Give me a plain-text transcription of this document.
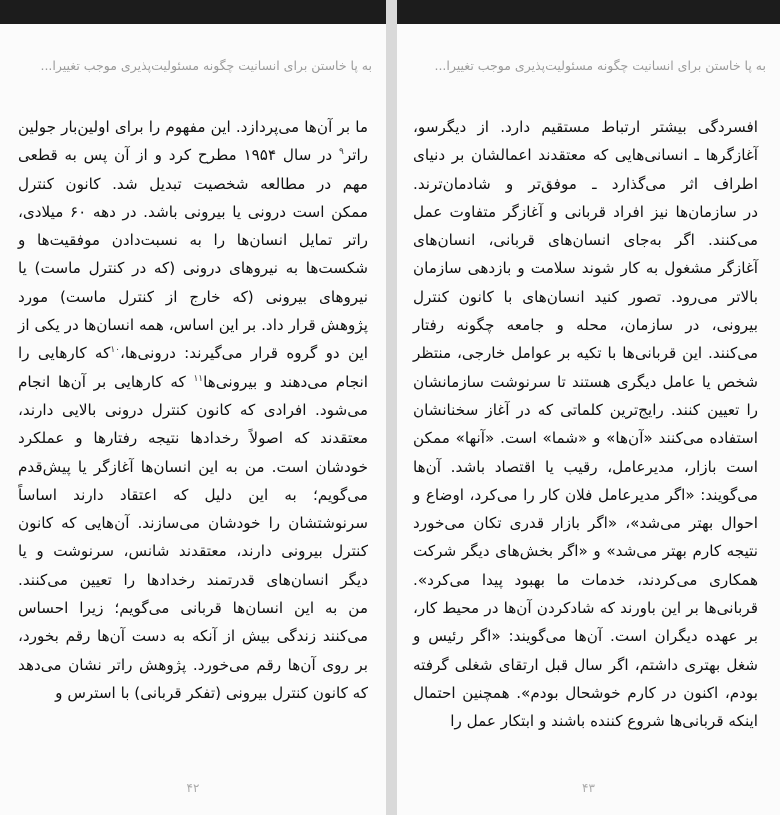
به پا خاستن برای انسانیت چگونه مسئولیت‌پذیری موجب تغییرا...
ما بر آن‌ها می‌پردازد. این مفهوم را برای اولین‌بار جولین
راتر$^۹$ در سال ۱۹۵۴ مطرح کرد و از آن پس به قطعی
مهم در مطالعه شخصیت تبدیل شد. کانون کنترل
ممکن است درونی یا بیرونی باشد. در دهه ۶۰ میلادی،
راتر تمایل انسان‌ها را به نسبت‌دادن موفقیت‌ها و
شکست‌ها به نیروهای درونی (که در کنترل ماست) یا
نیروهای بیرونی (که خارج از کنترل ماست) مورد
پژوهش قرار داد. بر این اساس، همه انسان‌ها در یکی از
این دو گروه قرار می‌گیرند: درونی‌ها،$^{۱۰}$که کارهایی را
انجام می‌دهند و بیرونی‌ها$^{۱۱}$ که کارهایی بر آن‌ها انجام
می‌شود. افرادی که کانون کنترل درونی بالایی دارند،
معتقدند که اصولاً رخدادها نتیجه رفتارها و عملکرد
خودشان است. من به این انسان‌ها آغازگر یا پیش‌قدم
می‌گویم؛ به این دلیل که اعتقاد دارند اساساً
سرنوشتشان را خودشان می‌سازند. آن‌هایی که کانون
کنترل بیرونی دارند، معتقدند شانس، سرنوشت و یا
دیگر انسان‌های قدرتمند رخدادها را تعیین می‌کنند.
من به این انسان‌ها قربانی می‌گویم؛ زیرا احساس
می‌کنند زندگی بیش از آنکه به دست آن‌ها رقم بخورد،
بر روی آن‌ها رقم می‌خورد. پژوهش راتر نشان می‌دهد
که کانون کنترل بیرونی (تفکر قربانی) با استرس و
۴۲
به پا خاستن برای انسانیت چگونه مسئولیت‌پذیری موجب تغییرا...
افسردگی بیشتر ارتباط مستقیم دارد. از دیگرسو،
آغازگرها ـ انسانی‌هایی که معتقدند اعمالشان بر دنیای
اطراف اثر می‌گذارد ـ موفق‌تر و شادمان‌ترند.
در سازمان‌ها نیز افراد قربانی و آغازگر متفاوت عمل
می‌کنند. اگر به‌جای انسان‌های قربانی، انسان‌های
آغازگر مشغول به کار شوند سلامت و بازدهی سازمان
بالاتر می‌رود. تصور کنید انسان‌های با کانون کنترل
بیرونی، در سازمان، محله و جامعه چگونه رفتار
می‌کنند. این قربانی‌ها با تکیه بر عوامل خارجی، منتظر
شخص یا عامل دیگری هستند تا سرنوشت سازمانشان
را تعیین کنند. رایج‌ترین کلماتی که در آغاز سخنانشان
استفاده می‌کنند «آن‌ها» و «شما» است. «آنها» ممکن
است بازار، مدیرعامل، رقیب یا اقتصاد باشد. آن‌ها
می‌گویند: «اگر مدیرعامل فلان کار را می‌کرد، اوضاع و
احوال بهتر می‌شد»، «اگر بازار قدری تکان می‌خورد
نتیجه کارم بهتر می‌شد» و «اگر بخش‌های دیگر شرکت
همکاری می‌کردند، خدمات ما بهبود پیدا می‌کرد».
قربانی‌ها بر این باورند که شادکردن آن‌ها در محیط کار،
بر عهده دیگران است. آن‌ها می‌گویند: «اگر رئیس و
شغل بهتری داشتم، اگر سال قبل ارتقای شغلی گرفته
بودم، اکنون در کارم خوشحال بودم». همچنین احتمال
اینکه قربانی‌ها شروع کننده باشند و ابتکار عمل را
۴۳
